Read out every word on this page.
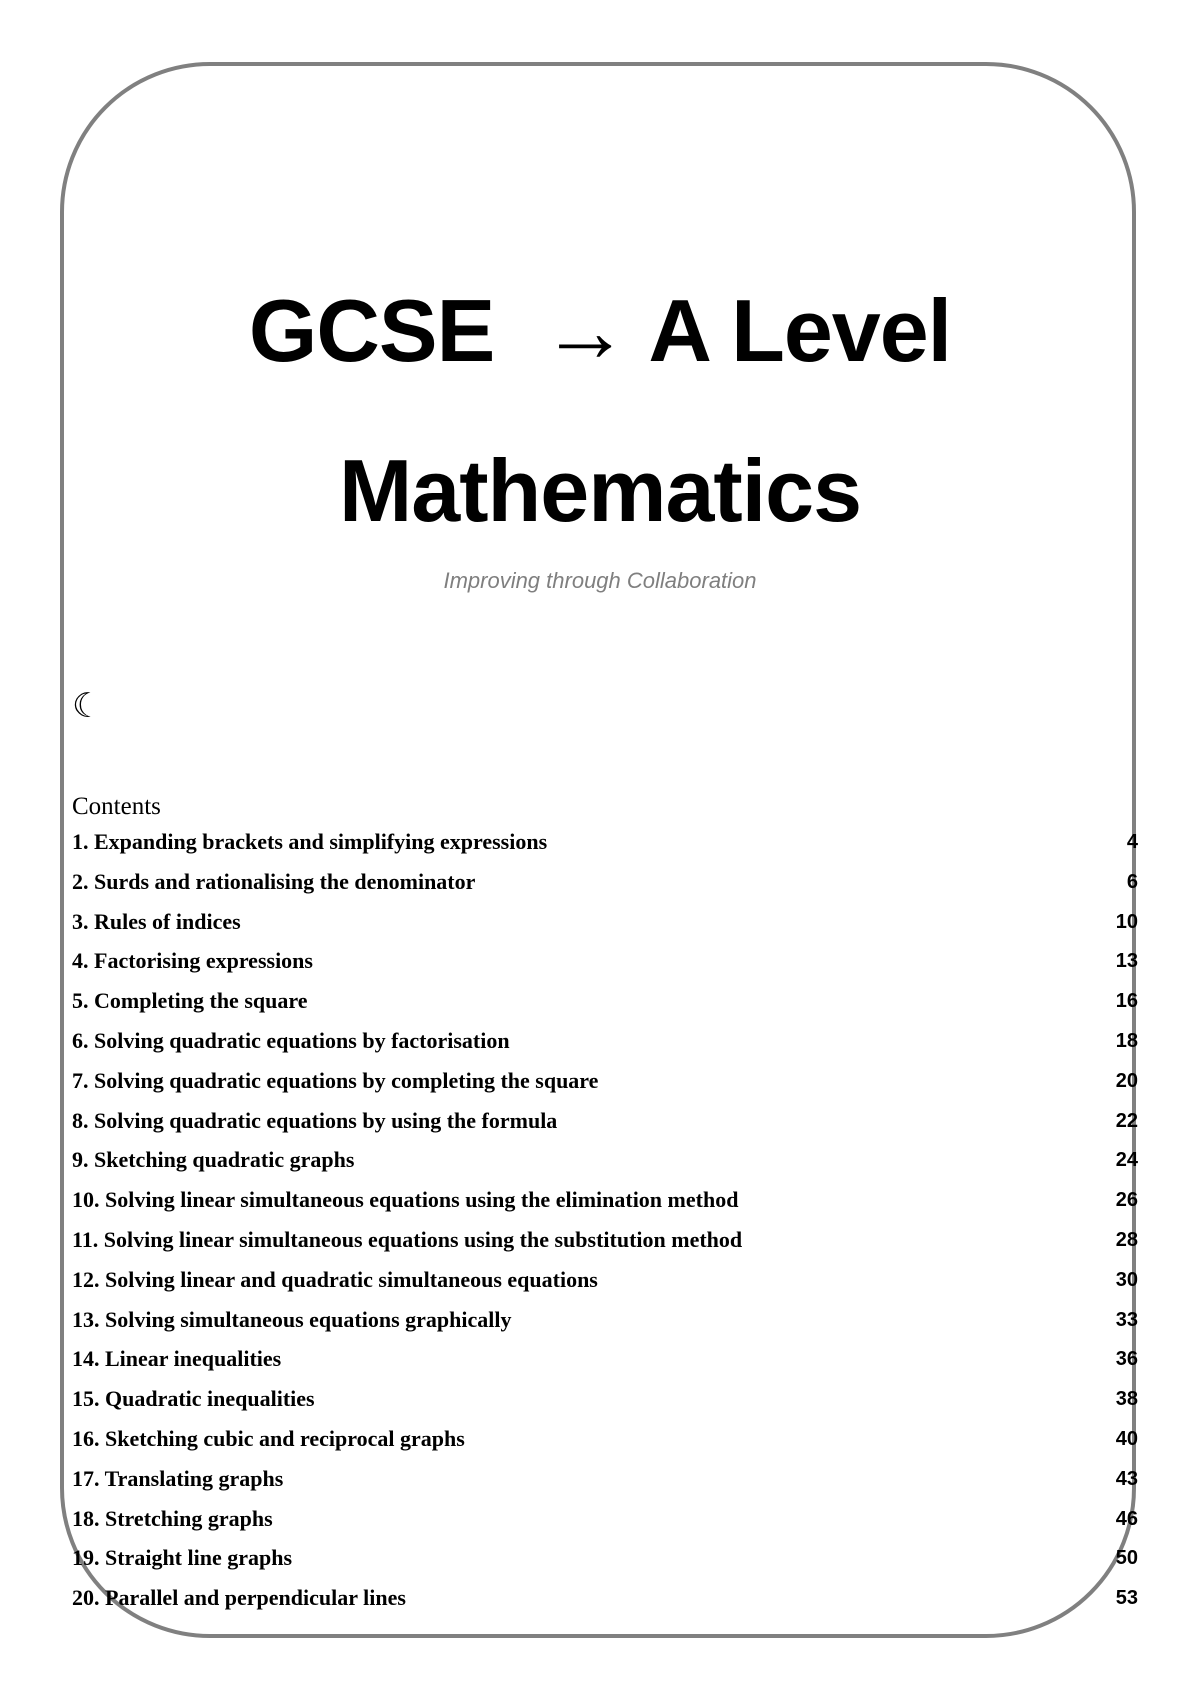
GCSE  → A Level
Mathematics
Improving through Collaboration
☾
Contents
1. Expanding brackets and simplifying expressions	4
2. Surds and rationalising the denominator	6
3. Rules of indices	10
4. Factorising expressions	13
5. Completing the square	16
6. Solving quadratic equations by factorisation	18
7. Solving quadratic equations by completing the square	20
8. Solving quadratic equations by using the formula	22
9. Sketching quadratic graphs	24
10. Solving linear simultaneous equations using the elimination method	26
11. Solving linear simultaneous equations using the substitution method	28
12. Solving linear and quadratic simultaneous equations	30
13. Solving simultaneous equations graphically	33
14. Linear inequalities	36
15. Quadratic inequalities	38
16. Sketching cubic and reciprocal graphs	40
17. Translating graphs	43
18. Stretching graphs	46
19. Straight line graphs	50
20. Parallel and perpendicular lines	53
